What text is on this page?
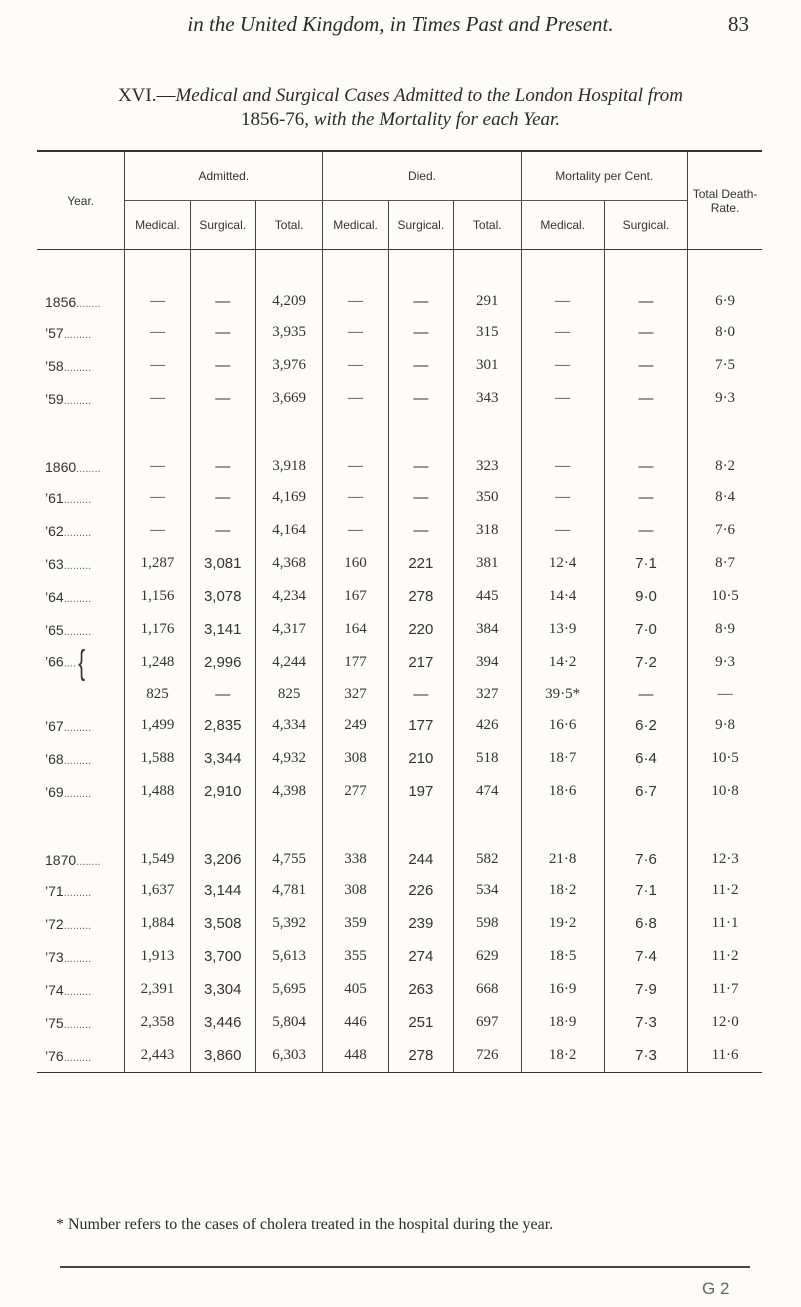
in the United Kingdom, in Times Past and Present.	83
XVI.—Medical and Surgical Cases Admitted to the London Hospital from
1856-76, with the Mortality for each Year.
Year.	Admitted.			Died.			Mortality per Cent.		Total Death-Rate.
	Medical.	Surgical.	Total.	Medical.	Surgical.	Total.	Medical.	Surgical.	
1856........	—	—	4,209	—	—	291	—	—	6·9
’57.........	—	—	3,935	—	—	315	—	—	8·0
’58.........	—	—	3,976	—	—	301	—	—	7·5
’59.........	—	—	3,669	—	—	343	—	—	9·3
1860........	—	—	3,918	—	—	323	—	—	8·2
’61.........	—	—	4,169	—	—	350	—	—	8·4
’62.........	—	—	4,164	—	—	318	—	—	7·6
’63.........	1,287	3,081	4,368	160	221	381	12·4	7·1	8·7
’64.........	1,156	3,078	4,234	167	278	445	14·4	9·0	10·5
’65.........	1,176	3,141	4,317	164	220	384	13·9	7·0	8·9
’66....{	1,248	2,996	4,244	177	217	394	14·2	7·2	9·3
	825	—	825	327	—	327	39·5*	—	—
’67.........	1,499	2,835	4,334	249	177	426	16·6	6·2	9·8
’68.........	1,588	3,344	4,932	308	210	518	18·7	6·4	10·5
’69.........	1,488	2,910	4,398	277	197	474	18·6	6·7	10·8
1870........	1,549	3,206	4,755	338	244	582	21·8	7·6	12·3
’71.........	1,637	3,144	4,781	308	226	534	18·2	7·1	11·2
’72.........	1,884	3,508	5,392	359	239	598	19·2	6·8	11·1
’73.........	1,913	3,700	5,613	355	274	629	18·5	7·4	11·2
’74.........	2,391	3,304	5,695	405	263	668	16·9	7·9	11·7
’75.........	2,358	3,446	5,804	446	251	697	18·9	7·3	12·0
’76.........	2,443	3,860	6,303	448	278	726	18·2	7·3	11·6
* Number refers to the cases of cholera treated in the hospital during the year.
G 2
